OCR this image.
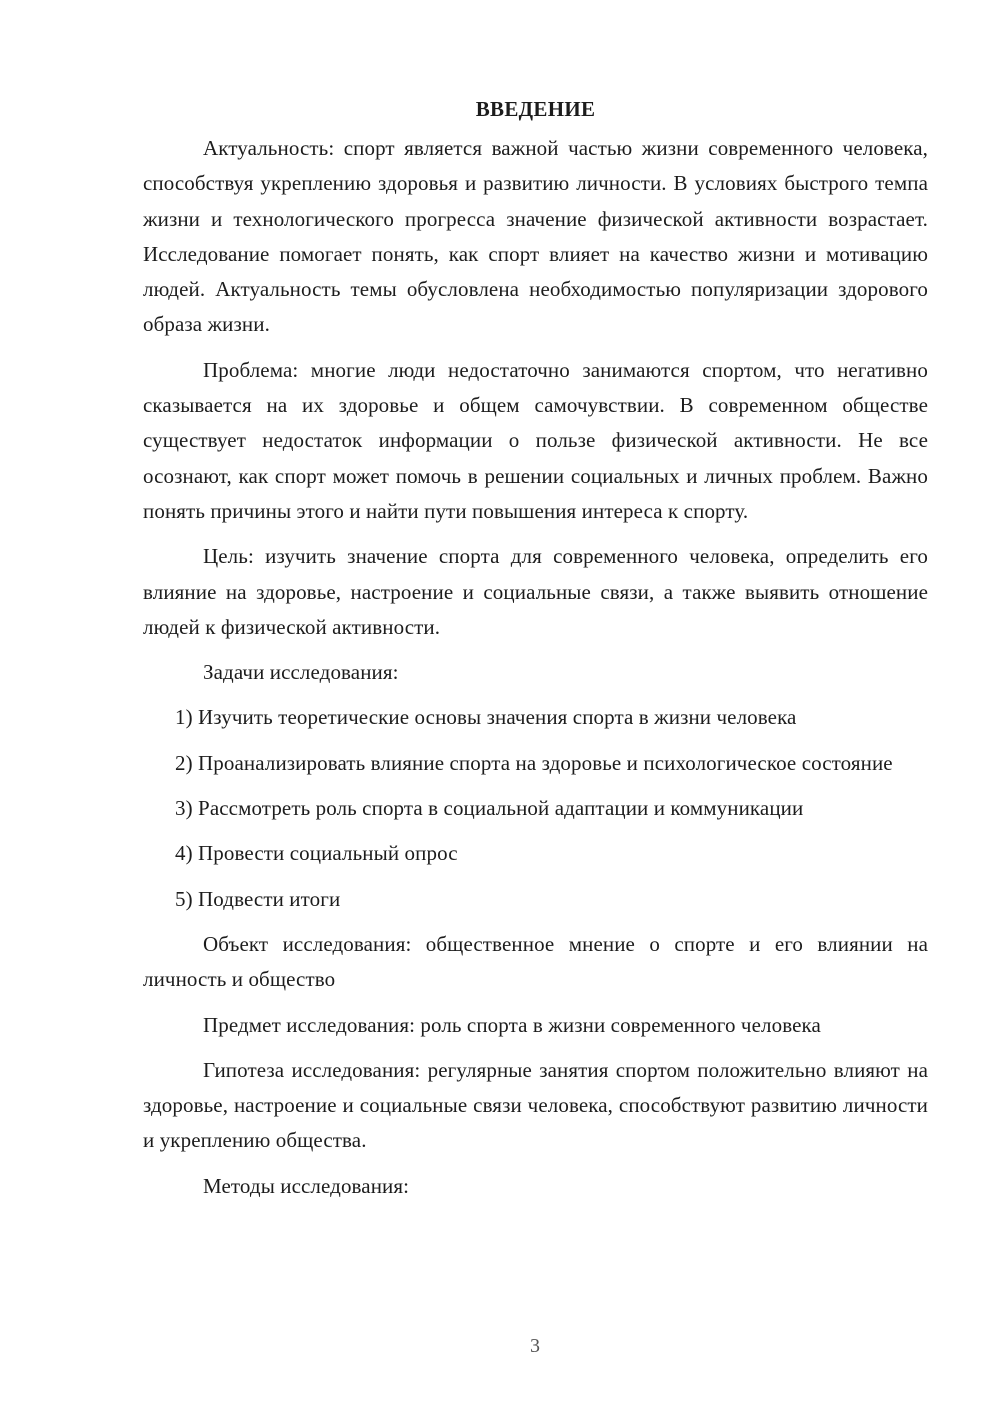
ВВЕДЕНИЕ

Актуальность: спорт является важной частью жизни современного человека, способствуя укреплению здоровья и развитию личности. В условиях быстрого темпа жизни и технологического прогресса значение физической активности возрастает. Исследование помогает понять, как спорт влияет на качество жизни и мотивацию людей. Актуальность темы обусловлена необходимостью популяризации здорового образа жизни.

Проблема: многие люди недостаточно занимаются спортом, что негативно сказывается на их здоровье и общем самочувствии. В современном обществе существует недостаток информации о пользе физической активности. Не все осознают, как спорт может помочь в решении социальных и личных проблем. Важно понять причины этого и найти пути повышения интереса к спорту.

Цель: изучить значение спорта для современного человека, определить его влияние на здоровье, настроение и социальные связи, а также выявить отношение людей к физической активности.

Задачи исследования:

1) Изучить теоретические основы значения спорта в жизни человека

2) Проанализировать влияние спорта на здоровье и психологическое состояние

3) Рассмотреть роль спорта в социальной адаптации и коммуникации

4) Провести социальный опрос

5) Подвести итоги

Объект исследования: общественное мнение о спорте и его влиянии на личность и общество

Предмет исследования: роль спорта в жизни современного человека

Гипотеза исследования: регулярные занятия спортом положительно влияют на здоровье, настроение и социальные связи человека, способствуют развитию личности и укреплению общества.

Методы исследования:

3
